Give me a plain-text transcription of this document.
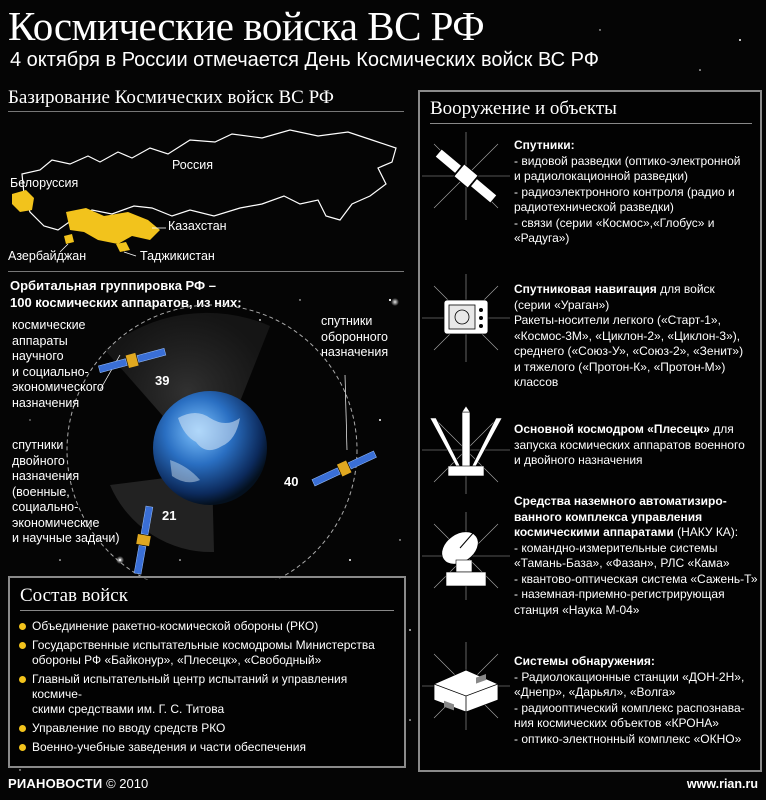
Космические войска ВС РФ
4 октября в России отмечается День Космических войск ВС РФ
Базирование Космических войск ВС РФ
Россия
Белоруссия
Казахстан
Азербайджан	Таджикистан
Орбитальная группировка РФ –
100 космических аппаратов, из них:
космические
аппараты
научного
и социально-
экономического
назначения
спутники
двойного
назначения
(военные,
социально-
экономические
и научные задачи)
спутники
оборонного
назначения
39
21
40
Состав войск
Объединение ракетно-космической обороны (РКО)
Государственные испытательные космодромы Министерства
обороны РФ «Байконур», «Плесецк», «Свободный»
Главный испытательный центр испытаний и управления космиче-
скими средствами им. Г. С. Титова
Управление по вводу средств РКО
Военно-учебные заведения и части обеспечения
Вооружение и объекты
Спутники:
- видовой разведки (оптико-электронной
и радиолокационной разведки)
- радиоэлектронного контроля (радио и
радиотехнической разведки)
- связи (серии «Космос»,«Глобус» и
«Радуга»)
Спутниковая навигация для войск
(серии «Ураган»)
Ракеты-носители легкого («Старт-1»,
«Космос-3М», «Циклон-2», «Циклон-3»),
среднего («Союз-У», «Союз-2», «Зенит»)
и тяжелого («Протон-К», «Протон-М»)
классов
Основной космодром «Плесецк» для
запуска космических аппаратов военного
и двойного назначения
Средства наземного автоматизиро-
ванного комплекса управления
космическими аппаратами (НАКУ КА):
- командно-измерительные системы
«Тамань-База», «Фазан», РЛС «Кама»
- квантово-оптическая система «Сажень-Т»
- наземная-приемно-регистрирующая
станция «Наука М-04»
Системы обнаружения:
- Радиолокационные станции «ДОН-2Н»,
«Днепр», «Дарьял», «Волга»
- радиооптический комплекс распознава-
ния космических объектов «КРОНА»
- оптико-электнонный комплекс «ОКНО»
РИАНОВОСТИ © 2010	www.rian.ru
